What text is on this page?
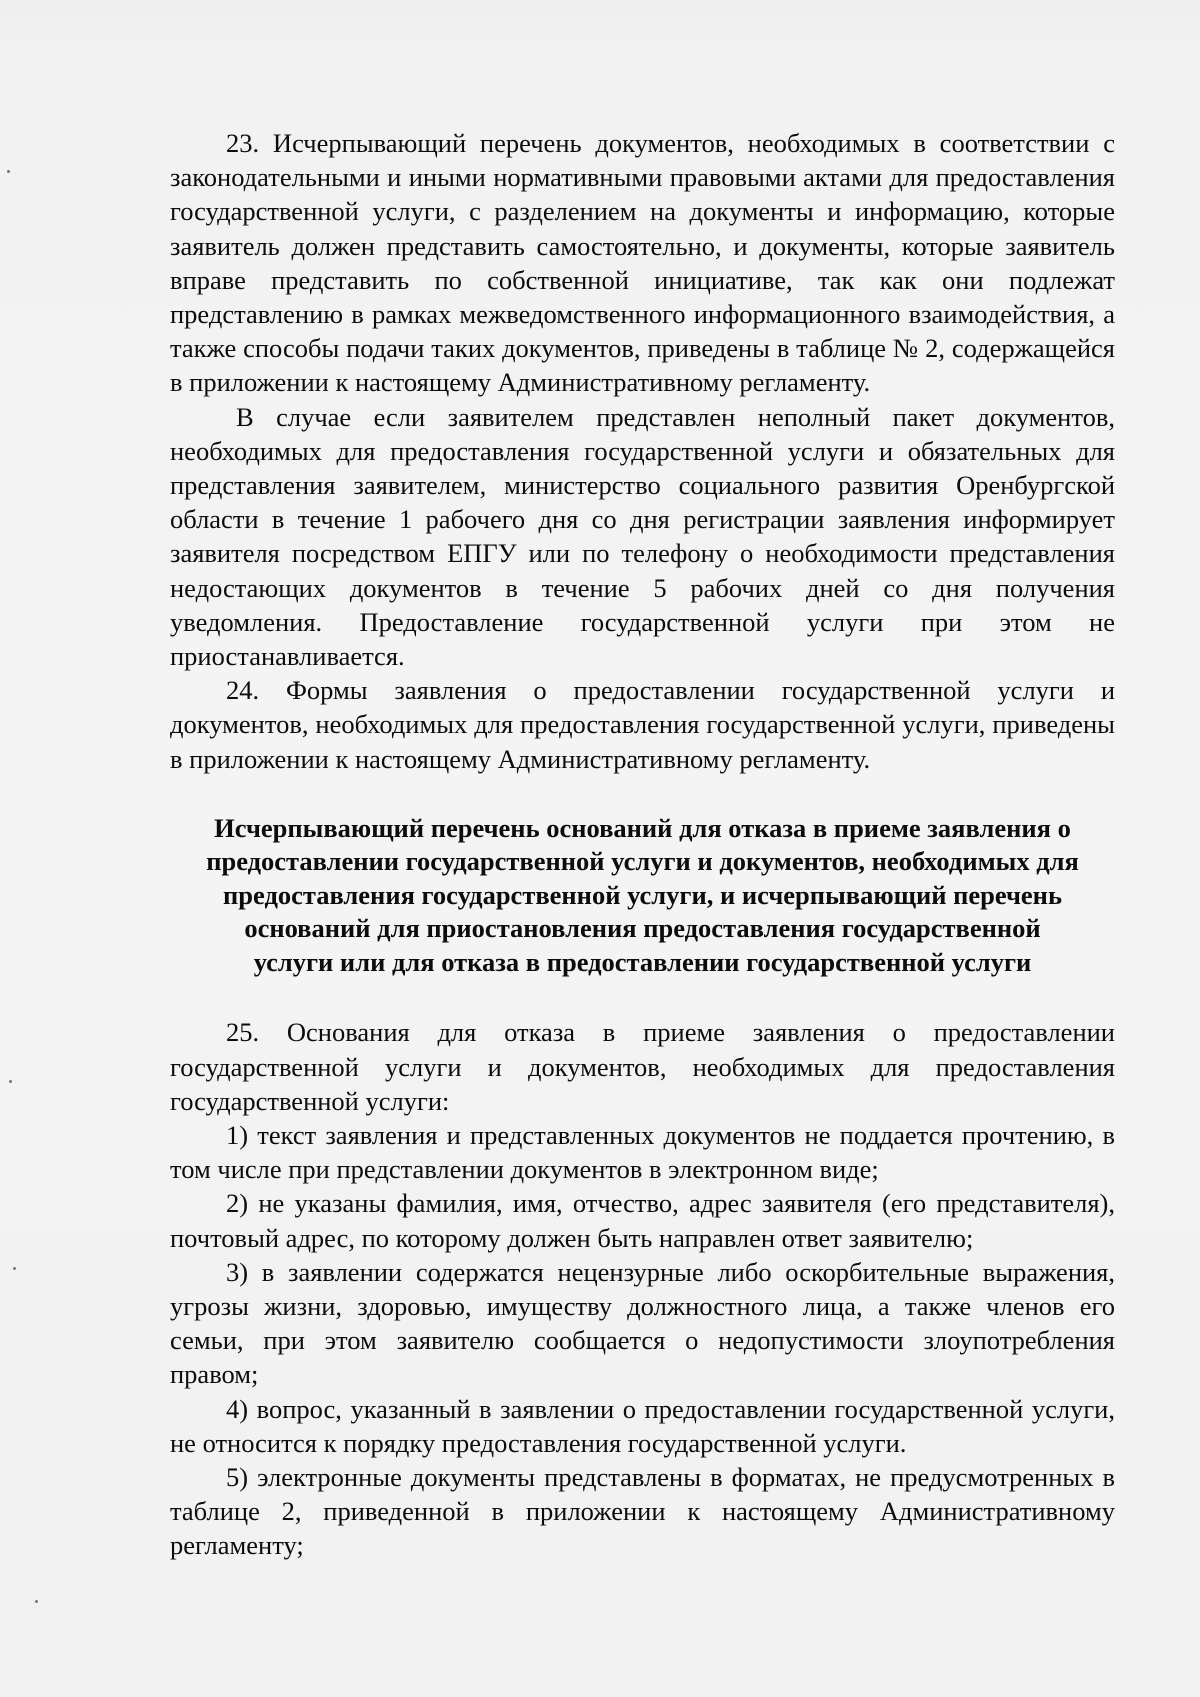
23. Исчерпывающий перечень документов, необходимых в соответствии с законодательными и иными нормативными правовыми актами для предоставления государственной услуги, с разделением на документы и информацию, которые заявитель должен представить самостоятельно, и документы, которые заявитель вправе представить по собственной инициативе, так как они подлежат представлению в рамках межведомственного информационного взаимодействия, а также способы подачи таких документов, приведены в таблице № 2, содержащейся в приложении к настоящему Административному регламенту.

В случае если заявителем представлен неполный пакет документов, необходимых для предоставления государственной услуги и обязательных для представления заявителем, министерство социального развития Оренбургской области в течение 1 рабочего дня со дня регистрации заявления информирует заявителя посредством ЕПГУ или по телефону о необходимости представления недостающих документов в течение 5 рабочих дней со дня получения уведомления. Предоставление государственной услуги при этом не приостанавливается.

24. Формы заявления о предоставлении государственной услуги и документов, необходимых для предоставления государственной услуги, приведены в приложении к настоящему Административному регламенту.

Исчерпывающий перечень оснований для отказа в приеме заявления о
предоставлении государственной услуги и документов, необходимых для
предоставления государственной услуги, и исчерпывающий перечень
оснований для приостановления предоставления государственной
услуги или для отказа в предоставлении государственной услуги

25. Основания для отказа в приеме заявления о предоставлении государственной услуги и документов, необходимых для предоставления государственной услуги:

1) текст заявления и представленных документов не поддается прочтению, в том числе при представлении документов в электронном виде;

2) не указаны фамилия, имя, отчество, адрес заявителя (его представителя), почтовый адрес, по которому должен быть направлен ответ заявителю;

3) в заявлении содержатся нецензурные либо оскорбительные выражения, угрозы жизни, здоровью, имуществу должностного лица, а также членов его семьи, при этом заявителю сообщается о недопустимости злоупотребления правом;

4) вопрос, указанный в заявлении о предоставлении государственной услуги, не относится к порядку предоставления государственной услуги.

5) электронные документы представлены в форматах, не предусмотренных в таблице 2, приведенной в приложении к настоящему Административному регламенту;
